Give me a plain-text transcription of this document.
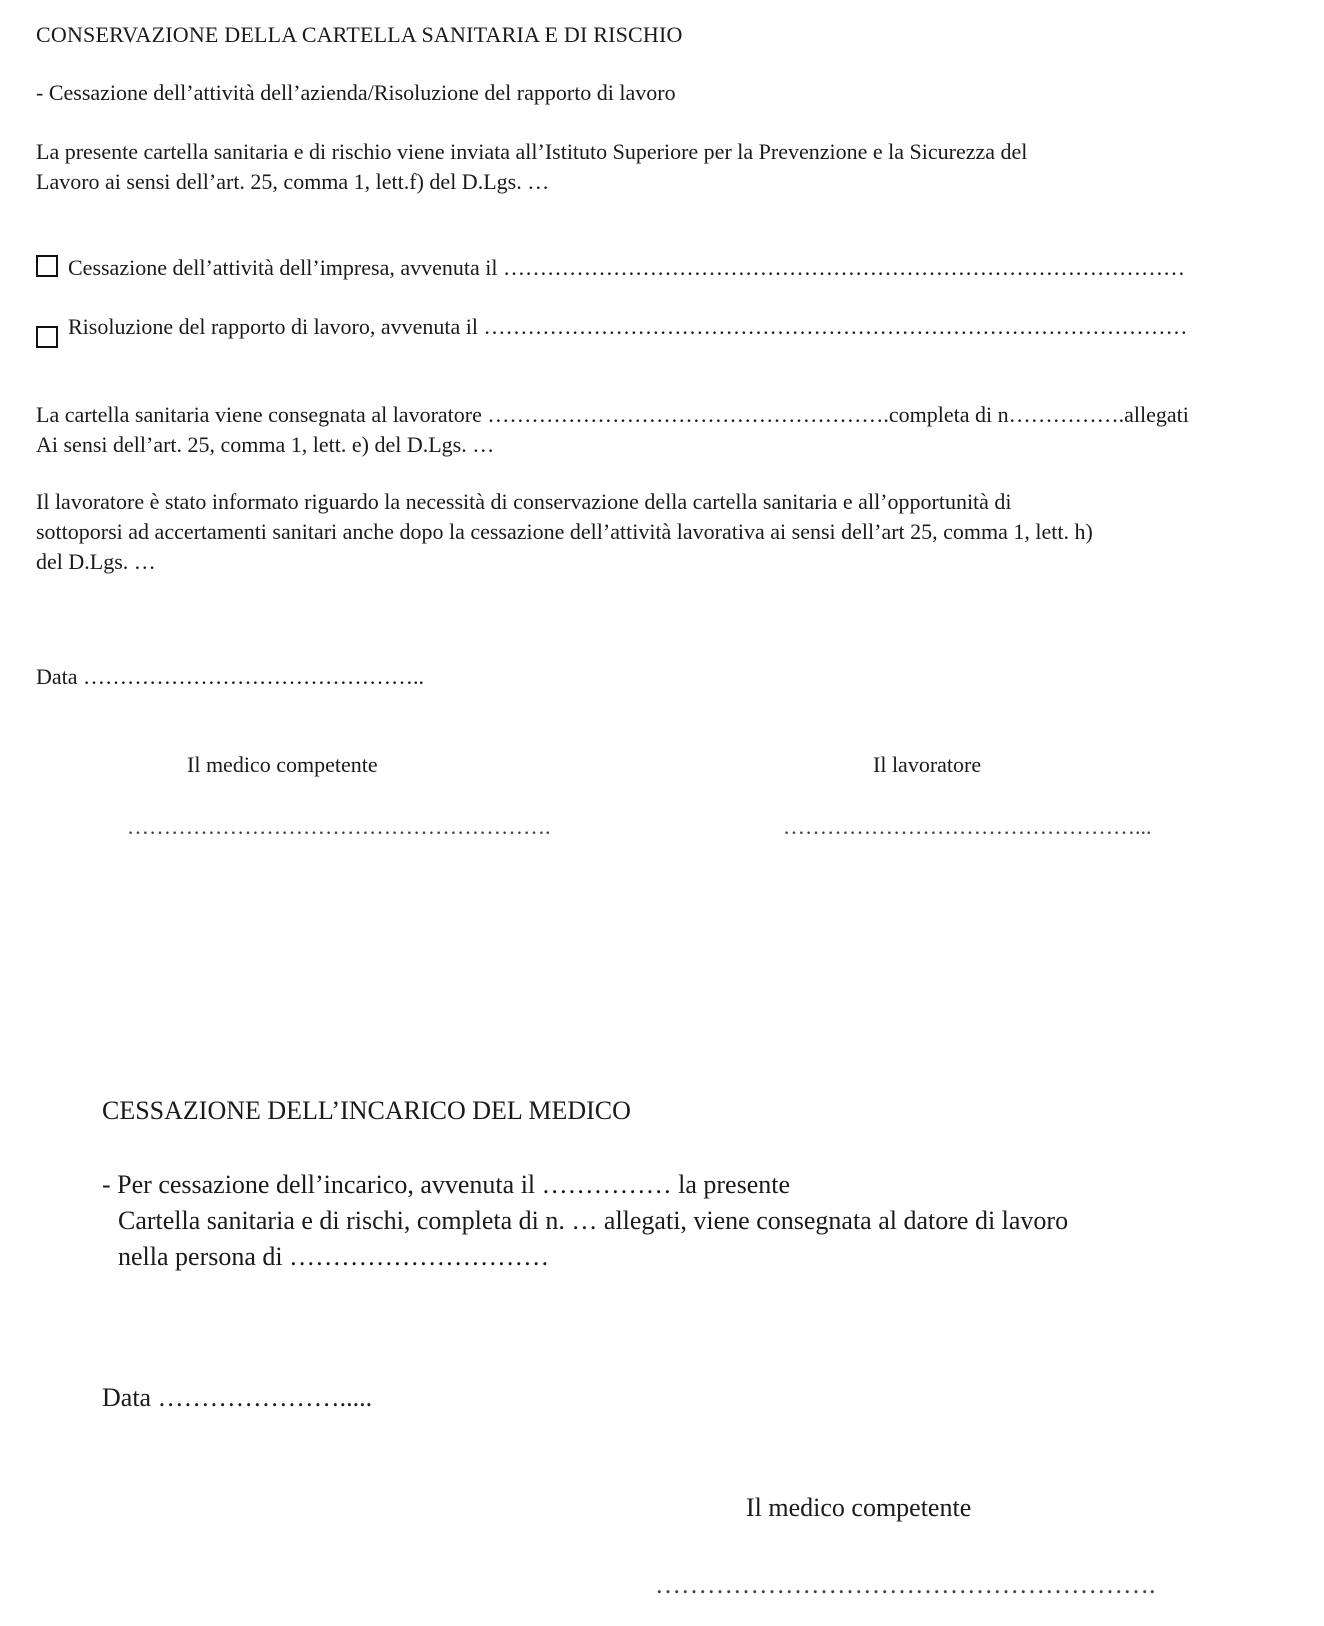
CONSERVAZIONE DELLA CARTELLA SANITARIA E DI RISCHIO
- Cessazione dell’attività dell’azienda/Risoluzione del rapporto di lavoro
La presente cartella sanitaria e di rischio viene inviata all’Istituto Superiore per la Prevenzione e la Sicurezza del
Lavoro ai sensi dell’art. 25, comma 1, lett.f) del D.Lgs. …
Cessazione dell’attività dell’impresa, avvenuta il …………………………………………………………………………………
Risoluzione del rapporto di lavoro, avvenuta il ……………………………………………………………………………………
La cartella sanitaria viene consegnata al lavoratore ……………………………………………….completa di n…………….allegati
Ai sensi dell’art. 25, comma 1, lett. e) del D.Lgs. …
Il lavoratore è stato informato riguardo la necessità di conservazione della cartella sanitaria e all’opportunità di
sottoporsi ad accertamenti sanitari anche dopo la cessazione dell’attività lavorativa ai sensi dell’art 25, comma 1, lett. h)
del D.Lgs. …
Data ………………………………………..
Il medico competente
………………………………………………….
Il lavoratore
…………………………………………...
CESSAZIONE DELL’INCARICO DEL MEDICO
- Per cessazione dell’incarico, avvenuta il …………… la presente
Cartella sanitaria e di rischi, completa di n. … allegati, viene consegnata al datore di lavoro
nella persona di …………………………
Data ………………….....
Il medico competente
………………………………………………….
